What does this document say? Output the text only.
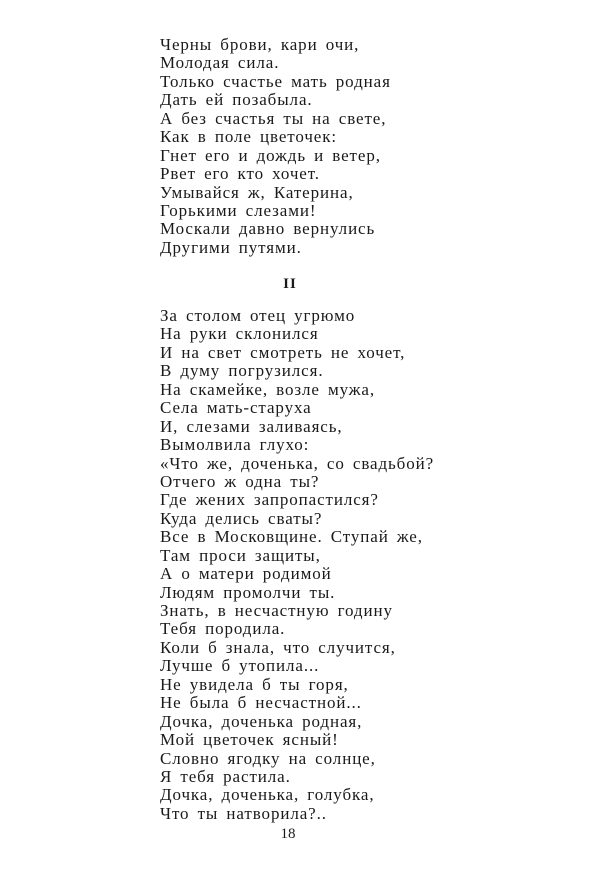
Черны брови, кари очи,
Молодая сила.
Только счастье мать родная
Дать ей позабыла.
А без счастья ты на свете,
Как в поле цветочек:
Гнет его и дождь и ветер,
Рвет его кто хочет.
Умывайся ж, Катерина,
Горькими слезами!
Москали давно вернулись
Другими путями.
II
За столом отец угрюмо
На руки склонился
И на свет смотреть не хочет,
В думу погрузился.
На скамейке, возле мужа,
Села мать-старуха
И, слезами заливаясь,
Вымолвила глухо:
«Что же, доченька, со свадьбой?
Отчего ж одна ты?
Где жених запропастился?
Куда делись сваты?
Все в Московщине. Ступай же,
Там проси защиты,
А о матери родимой
Людям промолчи ты.
Знать, в несчастную годину
Тебя породила.
Коли б знала, что случится,
Лучше б утопила...
Не увидела б ты горя,
Не была б несчастной...
Дочка, доченька родная,
Мой цветочек ясный!
Словно ягодку на солнце,
Я тебя растила.
Дочка, доченька, голубка,
Что ты натворила?..
18
